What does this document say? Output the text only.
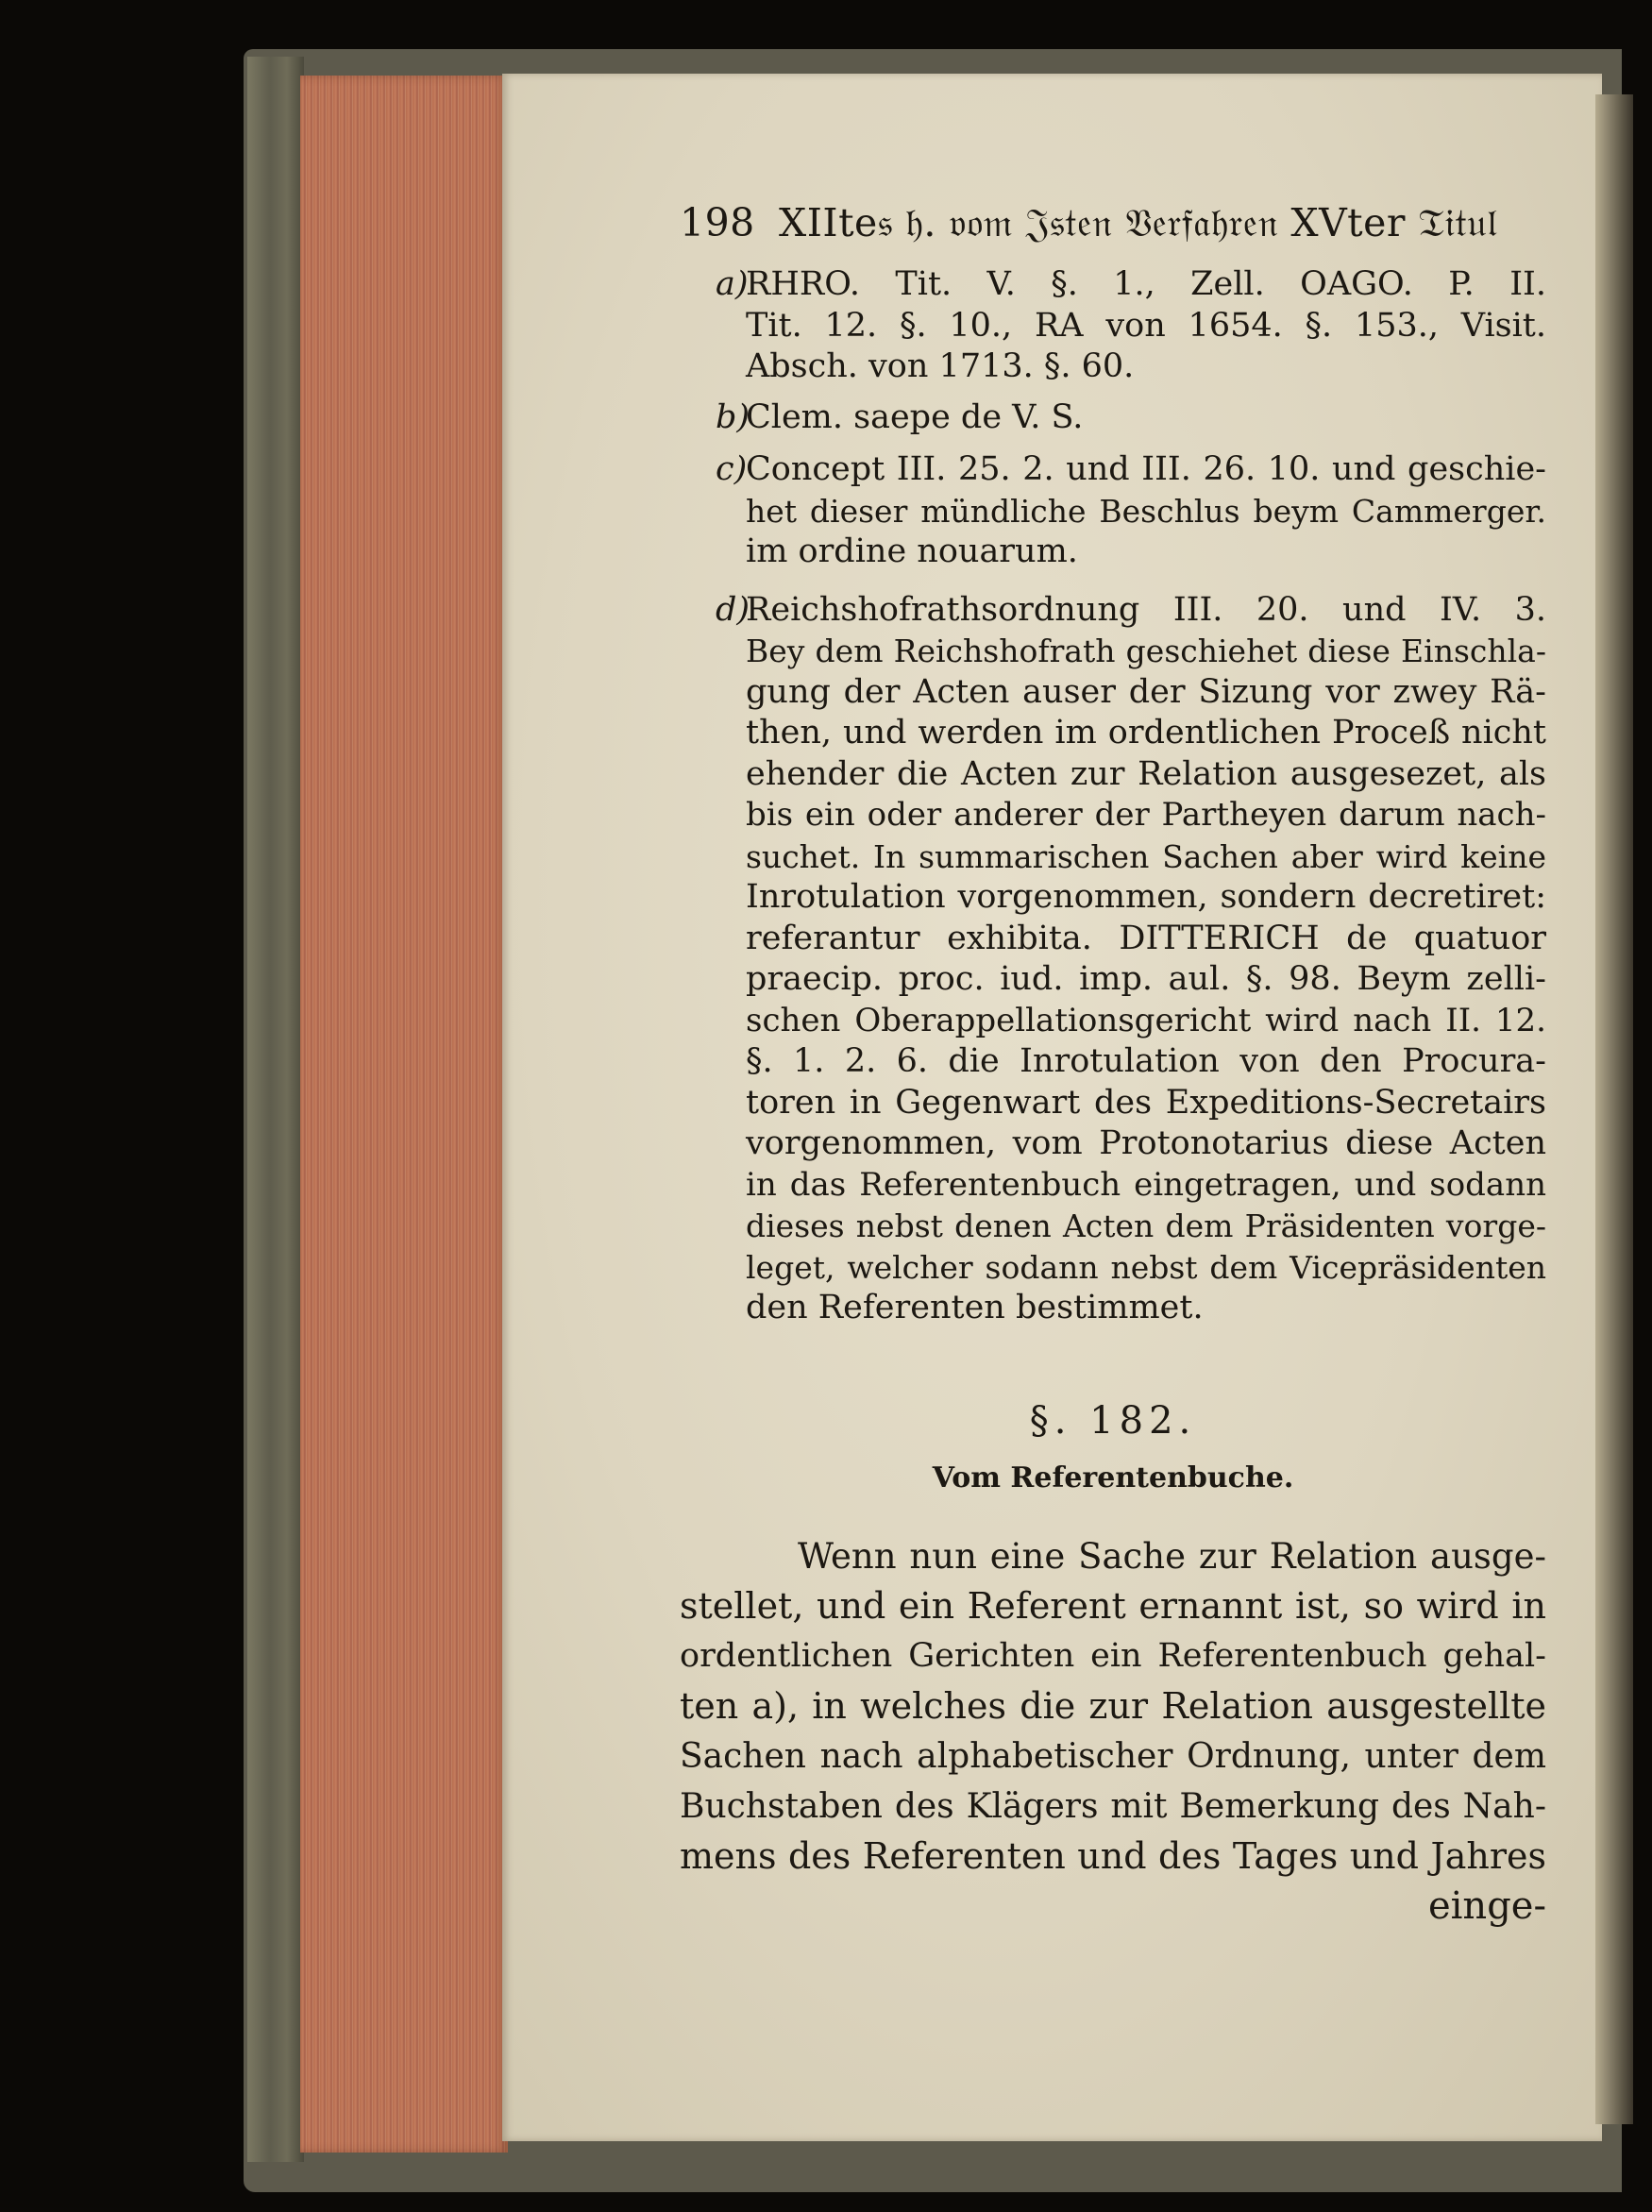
198 XIIte𝔰 𝔥. 𝔳𝔬𝔪 𝔍𝔰𝔱𝔢𝔫 𝔙𝔢𝔯𝔣𝔞𝔥𝔯𝔢𝔫 XVter 𝔗𝔦𝔱𝔲𝔩
a)
RHRO. Tit. V. §. 1., Zell. OAGO. P. II.
Tit. 12. §. 10., RA von 1654. §. 153., Visit.
Absch. von 1713. §. 60.
b)
Clem. saepe de V. S.
c)
Concept III. 25. 2. und III. 26. 10. und geschie-
het dieser mündliche Beschlus beym Cammerger.
im ordine nouarum.
d)
Reichshofrathsordnung III. 20. und IV. 3.
Bey dem Reichshofrath geschiehet diese Einschla-
gung der Acten auser der Sizung vor zwey Rä-
then, und werden im ordentlichen Proceß nicht
ehender die Acten zur Relation ausgesezet, als
bis ein oder anderer der Partheyen darum nach-
suchet. In summarischen Sachen aber wird keine
Inrotulation vorgenommen, sondern decretiret:
referantur exhibita. DITTERICH de quatuor
praecip. proc. iud. imp. aul. §. 98. Beym zelli-
schen Oberappellationsgericht wird nach II. 12.
§. 1. 2. 6. die Inrotulation von den Procura-
toren in Gegenwart des Expeditions-Secretairs
vorgenommen, vom Protonotarius diese Acten
in das Referentenbuch eingetragen, und sodann
dieses nebst denen Acten dem Präsidenten vorge-
leget, welcher sodann nebst dem Vicepräsidenten
den Referenten bestimmet.
§. 182.
Vom Referentenbuche.
Wenn nun eine Sache zur Relation ausge-
stellet, und ein Referent ernannt ist, so wird in
ordentlichen Gerichten ein Referentenbuch gehal-
ten a), in welches die zur Relation ausgestellte
Sachen nach alphabetischer Ordnung, unter dem
Buchstaben des Klägers mit Bemerkung des Nah-
mens des Referenten und des Tages und Jahres
einge-
